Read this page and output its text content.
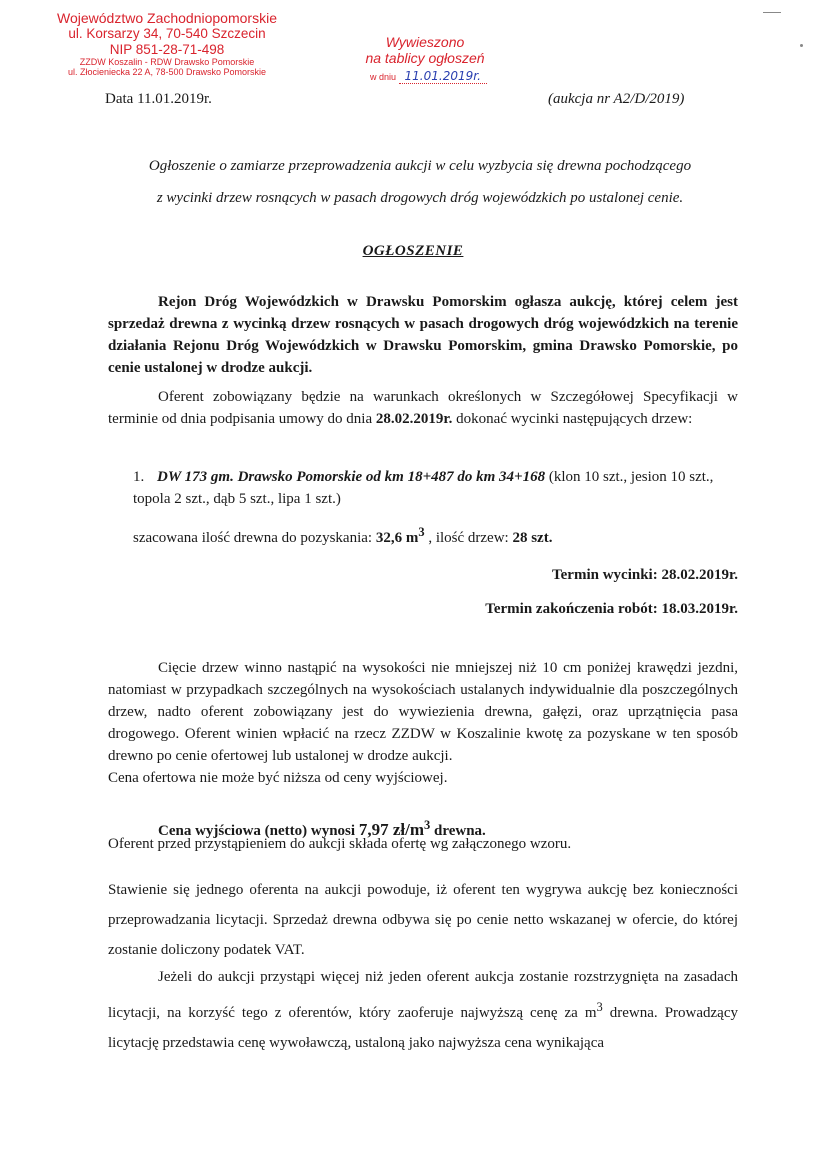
Województwo Zachodniopomorskie
ul. Korsarzy 34, 70-540 Szczecin
NIP 851-28-71-498
ZZDW Koszalin - RDW Drawsko Pomorskie
ul. Złocieniecka 22 A, 78-500 Drawsko Pomorskie
Wywieszono
na tablicy ogłoszeń
w dniu 11.01.2019r.
Data 11.01.2019r.	(aukcja nr A2/D/2019)
Ogłoszenie o zamiarze przeprowadzenia aukcji w celu wyzbycia się drewna pochodzącego
z wycinki drzew rosnących w pasach drogowych dróg wojewódzkich po ustalonej cenie.
OGŁOSZENIE
Rejon Dróg Wojewódzkich w Drawsku Pomorskim ogłasza aukcję, której celem jest sprzedaż drewna z wycinką drzew rosnących w pasach drogowych dróg wojewódzkich na terenie działania Rejonu Dróg Wojewódzkich w Drawsku Pomorskim, gmina Drawsko Pomorskie, po cenie ustalonej w drodze aukcji.
Oferent zobowiązany będzie na warunkach określonych w Szczegółowej Specyfikacji w terminie od dnia podpisania umowy do dnia 28.02.2019r. dokonać wycinki następujących drzew:
1. DW 173 gm. Drawsko Pomorskie od km 18+487 do km 34+168 (klon 10 szt., jesion 10 szt., topola 2 szt., dąb 5 szt., lipa 1 szt.)
szacowana ilość drewna do pozyskania: 32,6 $m^3$ , ilość drzew: 28 szt.
Termin wycinki: 28.02.2019r.
Termin zakończenia robót: 18.03.2019r.
Cięcie drzew winno nastąpić na wysokości nie mniejszej niż 10 cm poniżej krawędzi jezdni, natomiast w przypadkach szczególnych na wysokościach ustalanych indywidualnie dla poszczególnych drzew, nadto oferent zobowiązany jest do wywiezienia drewna, gałęzi, oraz uprzątnięcia pasa drogowego. Oferent winien wpłacić na rzecz ZZDW w Koszalinie kwotę za pozyskane w ten sposób drewno po cenie ofertowej lub ustalonej w drodze aukcji.
Cena ofertowa nie może być niższa od ceny wyjściowej.
Cena wyjściowa (netto) wynosi 7,97 $zł/m^3$ drewna.
Oferent przed przystąpieniem do aukcji składa ofertę wg załączonego wzoru.
Stawienie się jednego oferenta na aukcji powoduje, iż oferent ten wygrywa aukcję bez konieczności przeprowadzania licytacji. Sprzedaż drewna odbywa się po cenie netto wskazanej w ofercie, do której zostanie doliczony podatek VAT.
Jeżeli do aukcji przystąpi więcej niż jeden oferent aukcja zostanie rozstrzygnięta na zasadach licytacji, na korzyść tego z oferentów, który zaoferuje najwyższą cenę za $m^3$ drewna. Prowadzący licytację przedstawia cenę wywoławczą, ustaloną jako najwyższa cena wynikająca
